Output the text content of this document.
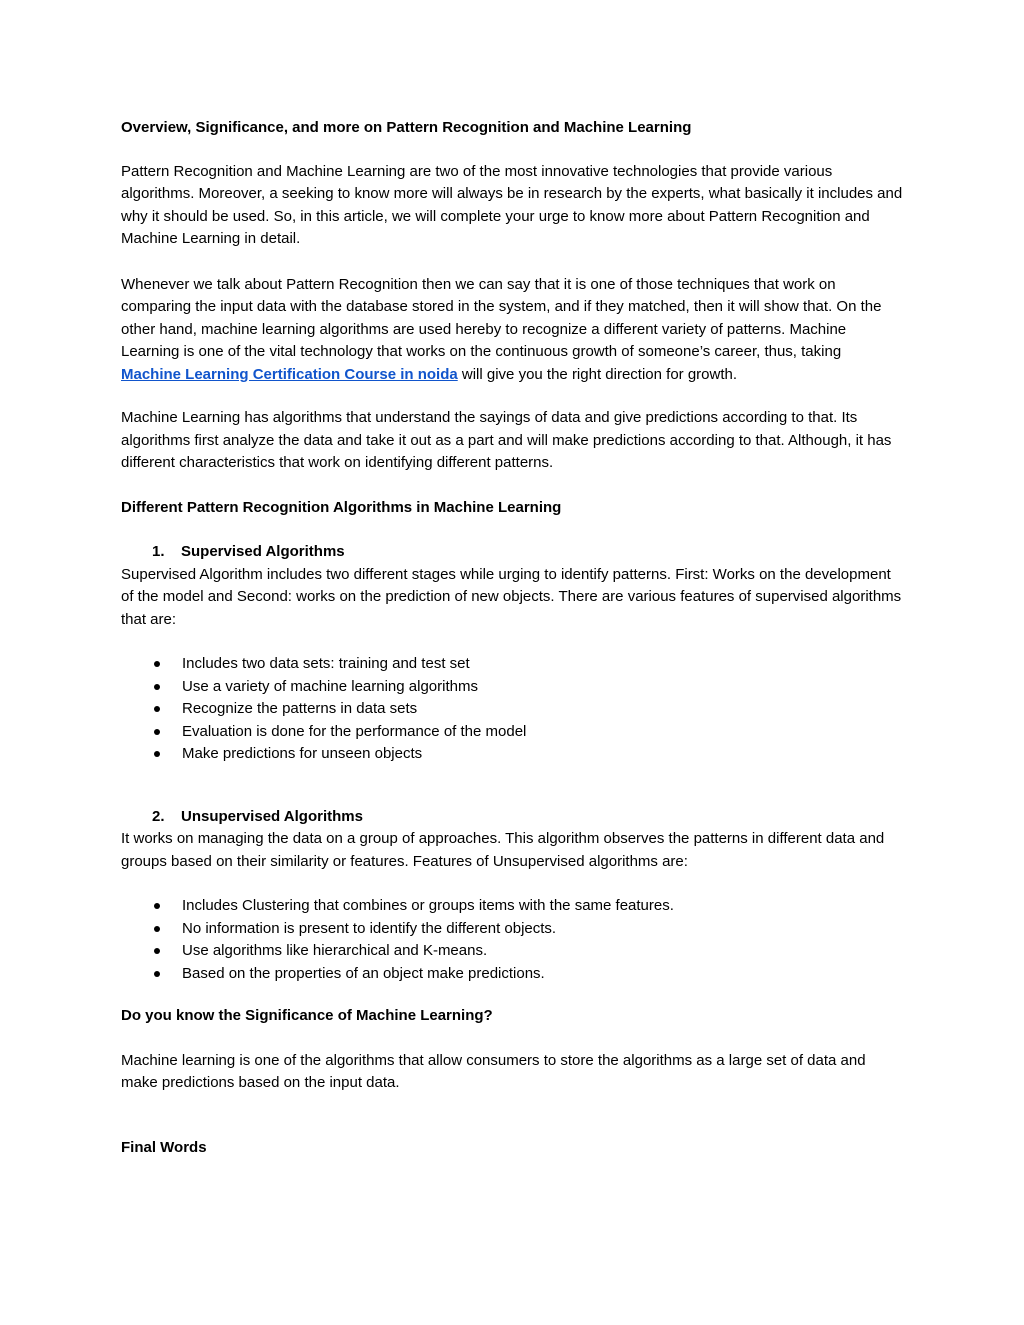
Overview, Significance, and more on Pattern Recognition and Machine Learning
Pattern Recognition and Machine Learning are two of the most innovative technologies that provide various algorithms. Moreover, a seeking to know more will always be in research by the experts, what basically it includes and why it should be used. So, in this article, we will complete your urge to know more about Pattern Recognition and Machine Learning in detail.
Whenever we talk about Pattern Recognition then we can say that it is one of those techniques that work on comparing the input data with the database stored in the system, and if they matched, then it will show that. On the other hand, machine learning algorithms are used hereby to recognize a different variety of patterns. Machine Learning is one of the vital technology that works on the continuous growth of someone’s career, thus, taking Machine Learning Certification Course in noida will give you the right direction for growth.
Machine Learning has algorithms that understand the sayings of data and give predictions according to that. Its algorithms first analyze the data and take it out as a part and will make predictions according to that. Although, it has different characteristics that work on identifying different patterns.
Different Pattern Recognition Algorithms in Machine Learning
1. Supervised Algorithms
Supervised Algorithm includes two different stages while urging to identify patterns. First: Works on the development of the model and Second: works on the prediction of new objects. There are various features of supervised algorithms that are:
Includes two data sets: training and test set
Use a variety of machine learning algorithms
Recognize the patterns in data sets
Evaluation is done for the performance of the model
Make predictions for unseen objects
2. Unsupervised Algorithms
It works on managing the data on a group of approaches. This algorithm observes the patterns in different data and groups based on their similarity or features. Features of Unsupervised algorithms are:
Includes Clustering that combines or groups items with the same features.
No information is present to identify the different objects.
Use algorithms like hierarchical and K-means.
Based on the properties of an object make predictions.
Do you know the Significance of Machine Learning?
Machine learning is one of the algorithms that allow consumers to store the algorithms as a large set of data and make predictions based on the input data.
Final Words
